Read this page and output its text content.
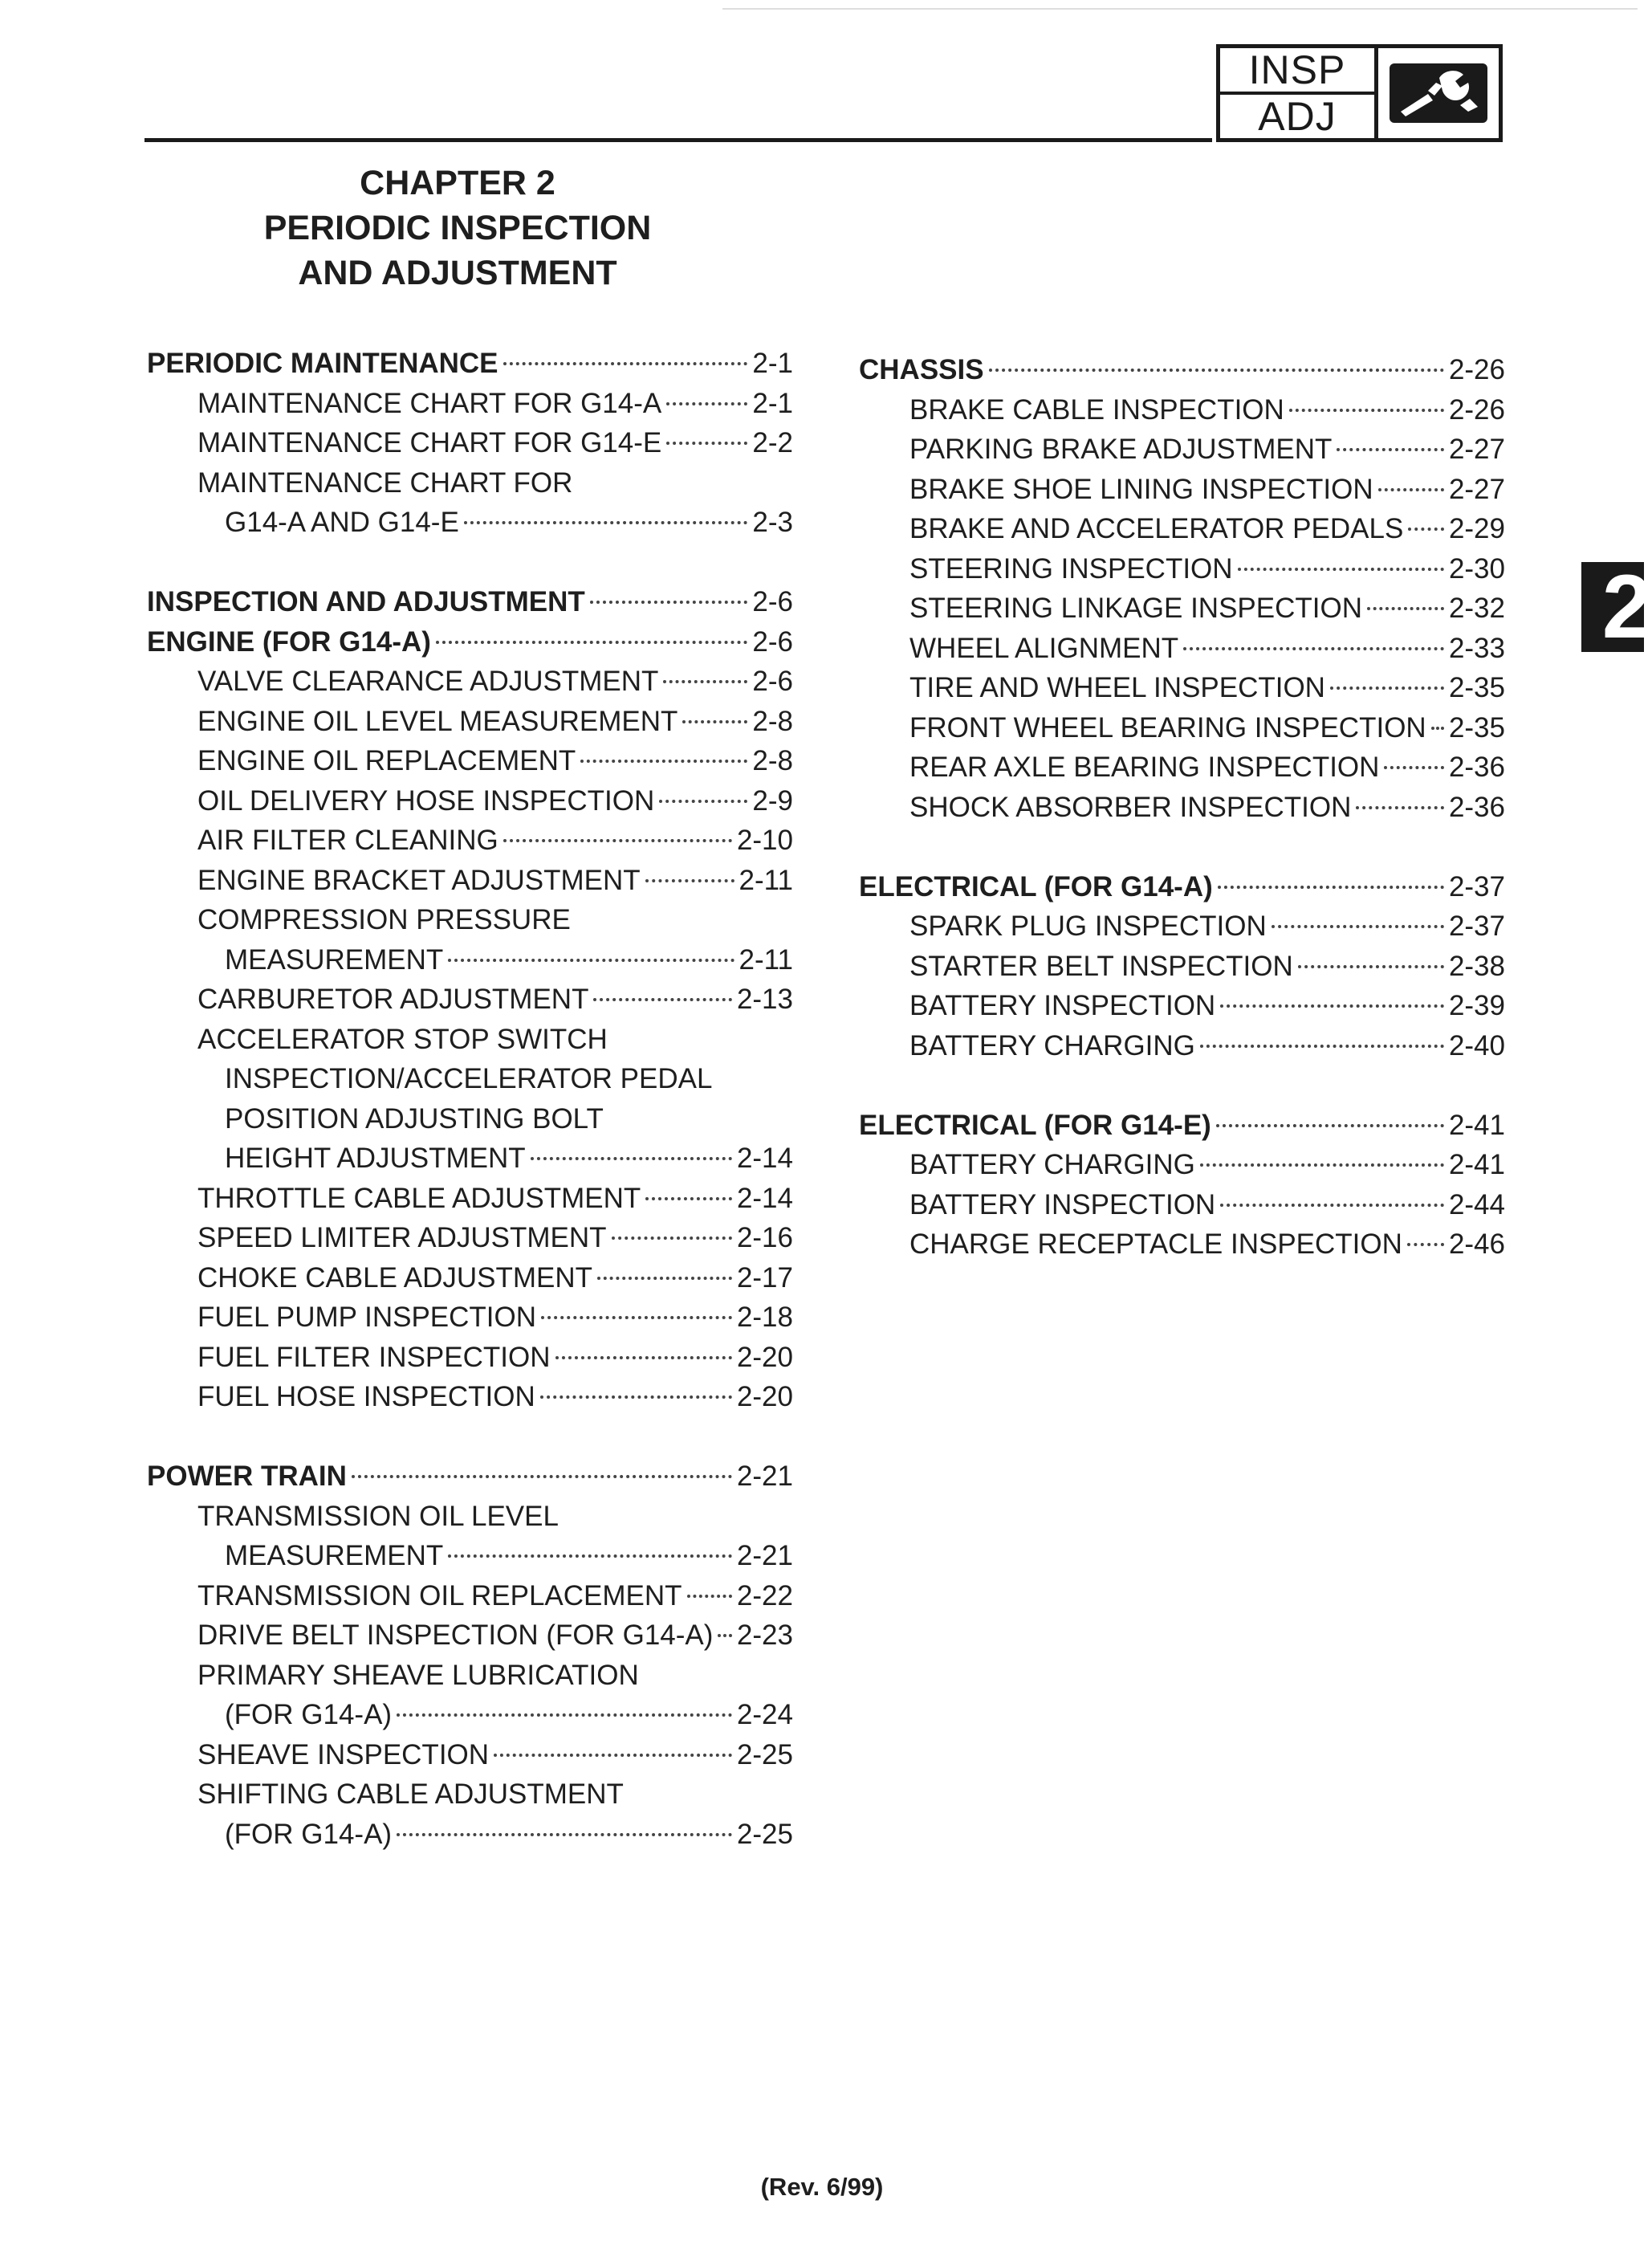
INSP
ADJ
CHAPTER 2
PERIODIC INSPECTION
AND ADJUSTMENT
PERIODIC MAINTENANCE	2-1
MAINTENANCE CHART FOR G14-A	2-1
MAINTENANCE CHART FOR G14-E	2-2
MAINTENANCE CHART FOR
G14-A AND G14-E	2-3
INSPECTION AND ADJUSTMENT	2-6
ENGINE (FOR G14-A)	2-6
VALVE CLEARANCE ADJUSTMENT	2-6
ENGINE OIL LEVEL MEASUREMENT	2-8
ENGINE OIL REPLACEMENT	2-8
OIL DELIVERY HOSE INSPECTION	2-9
AIR FILTER CLEANING	2-10
ENGINE BRACKET ADJUSTMENT	2-11
COMPRESSION PRESSURE
MEASUREMENT	2-11
CARBURETOR ADJUSTMENT	2-13
ACCELERATOR STOP SWITCH
INSPECTION/ACCELERATOR PEDAL
POSITION ADJUSTING BOLT
HEIGHT ADJUSTMENT	2-14
THROTTLE CABLE ADJUSTMENT	2-14
SPEED LIMITER ADJUSTMENT	2-16
CHOKE CABLE ADJUSTMENT	2-17
FUEL PUMP INSPECTION	2-18
FUEL FILTER INSPECTION	2-20
FUEL HOSE INSPECTION	2-20
POWER TRAIN	2-21
TRANSMISSION OIL LEVEL
MEASUREMENT	2-21
TRANSMISSION OIL REPLACEMENT 2-22
DRIVE BELT INSPECTION (FOR G14-A) 2-23
PRIMARY SHEAVE LUBRICATION
(FOR G14-A)	2-24
SHEAVE INSPECTION	2-25
SHIFTING CABLE ADJUSTMENT
(FOR G14-A)	2-25
CHASSIS	2-26
BRAKE CABLE INSPECTION	2-26
PARKING BRAKE ADJUSTMENT	2-27
BRAKE SHOE LINING INSPECTION	2-27
BRAKE AND ACCELERATOR PEDALS 2-29
STEERING INSPECTION	2-30
STEERING LINKAGE INSPECTION	2-32
WHEEL ALIGNMENT	2-33
TIRE AND WHEEL INSPECTION	2-35
FRONT WHEEL BEARING INSPECTION 2-35
REAR AXLE BEARING INSPECTION 2-36
SHOCK ABSORBER INSPECTION	2-36
ELECTRICAL (FOR G14-A)	2-37
SPARK PLUG INSPECTION	2-37
STARTER BELT INSPECTION	2-38
BATTERY INSPECTION	2-39
BATTERY CHARGING	2-40
ELECTRICAL (FOR G14-E)	2-41
BATTERY CHARGING	2-41
BATTERY INSPECTION	2-44
CHARGE RECEPTACLE INSPECTION 2-46
2
(Rev. 6/99)
